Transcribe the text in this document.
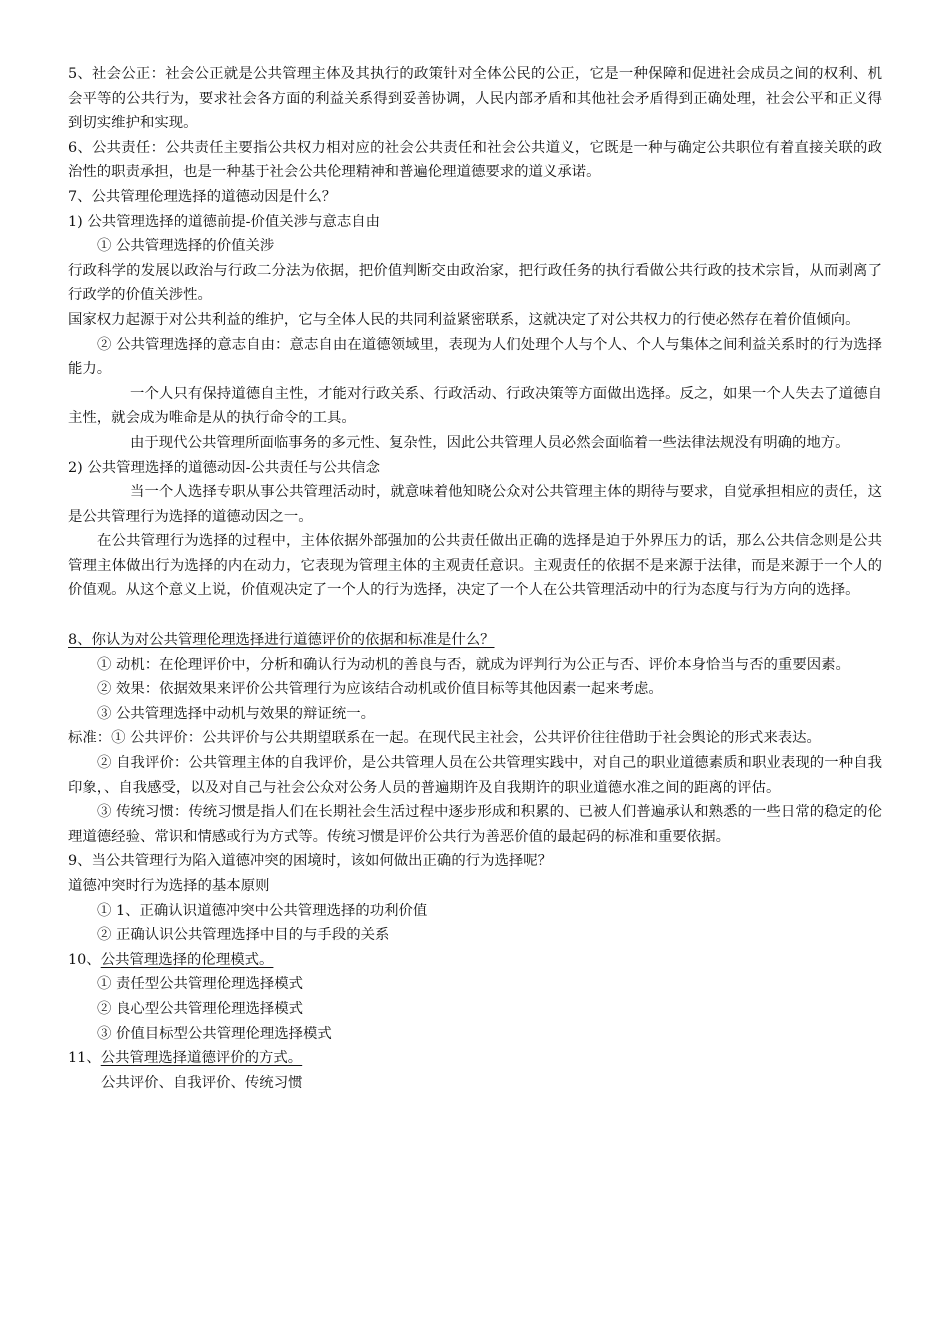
5、社会公正：社会公正就是公共管理主体及其执行的政策针对全体公民的公正，它是一种保障和促进社会成员之间的权利、机会平等的公共行为，要求社会各方面的利益关系得到妥善协调，人民内部矛盾和其他社会矛盾得到正确处理，社会公平和正义得到切实维护和实现。

6、公共责任：公共责任主要指公共权力相对应的社会公共责任和社会公共道义，它既是一种与确定公共职位有着直接关联的政治性的职责承担，也是一种基于社会公共伦理精神和普遍伦理道德要求的道义承诺。

7、公共管理伦理选择的道德动因是什么？

1) 公共管理选择的道德前提-价值关涉与意志自由

① 公共管理选择的价值关涉

行政科学的发展以政治与行政二分法为依据，把价值判断交由政治家，把行政任务的执行看做公共行政的技术宗旨，从而剥离了行政学的价值关涉性。

国家权力起源于对公共利益的维护，它与全体人民的共同利益紧密联系，这就决定了对公共权力的行使必然存在着价值倾向。

② 公共管理选择的意志自由：意志自由在道德领域里，表现为人们处理个人与个人、个人与集体之间利益关系时的行为选择能力。

一个人只有保持道德自主性，才能对行政关系、行政活动、行政决策等方面做出选择。反之，如果一个人失去了道德自主性，就会成为唯命是从的执行命令的工具。

由于现代公共管理所面临事务的多元性、复杂性，因此公共管理人员必然会面临着一些法律法规没有明确的地方。

2) 公共管理选择的道德动因-公共责任与公共信念

当一个人选择专职从事公共管理活动时，就意味着他知晓公众对公共管理主体的期待与要求，自觉承担相应的责任，这是公共管理行为选择的道德动因之一。

在公共管理行为选择的过程中，主体依据外部强加的公共责任做出正确的选择是迫于外界压力的话，那么公共信念则是公共管理主体做出行为选择的内在动力，它表现为管理主体的主观责任意识。主观责任的依据不是来源于法律，而是来源于一个人的价值观。从这个意义上说，价值观决定了一个人的行为选择，决定了一个人在公共管理活动中的行为态度与行为方向的选择。

8、你认为对公共管理伦理选择进行道德评价的依据和标准是什么？

① 动机：在伦理评价中，分析和确认行为动机的善良与否，就成为评判行为公正与否、评价本身恰当与否的重要因素。

② 效果：依据效果来评价公共管理行为应该结合动机或价值目标等其他因素一起来考虑。

③ 公共管理选择中动机与效果的辩证统一。

标准：① 公共评价：公共评价与公共期望联系在一起。在现代民主社会，公共评价往往借助于社会舆论的形式来表达。

② 自我评价：公共管理主体的自我评价，是公共管理人员在公共管理实践中，对自己的职业道德素质和职业表现的一种自我印象，、自我感受，以及对自己与社会公众对公务人员的普遍期许及自我期许的职业道德水准之间的距离的评估。

③ 传统习惯：传统习惯是指人们在长期社会生活过程中逐步形成和积累的、已被人们普遍承认和熟悉的一些日常的稳定的伦理道德经验、常识和情感或行为方式等。传统习惯是评价公共行为善恶价值的最起码的标准和重要依据。

9、当公共管理行为陷入道德冲突的困境时，该如何做出正确的行为选择呢？

道德冲突时行为选择的基本原则

① 1、正确认识道德冲突中公共管理选择的功利价值

② 正确认识公共管理选择中目的与手段的关系

10、公共管理选择的伦理模式。

① 责任型公共管理伦理选择模式

② 良心型公共管理伦理选择模式

③ 价值目标型公共管理伦理选择模式

11、公共管理选择道德评价的方式。

公共评价、自我评价、传统习惯
